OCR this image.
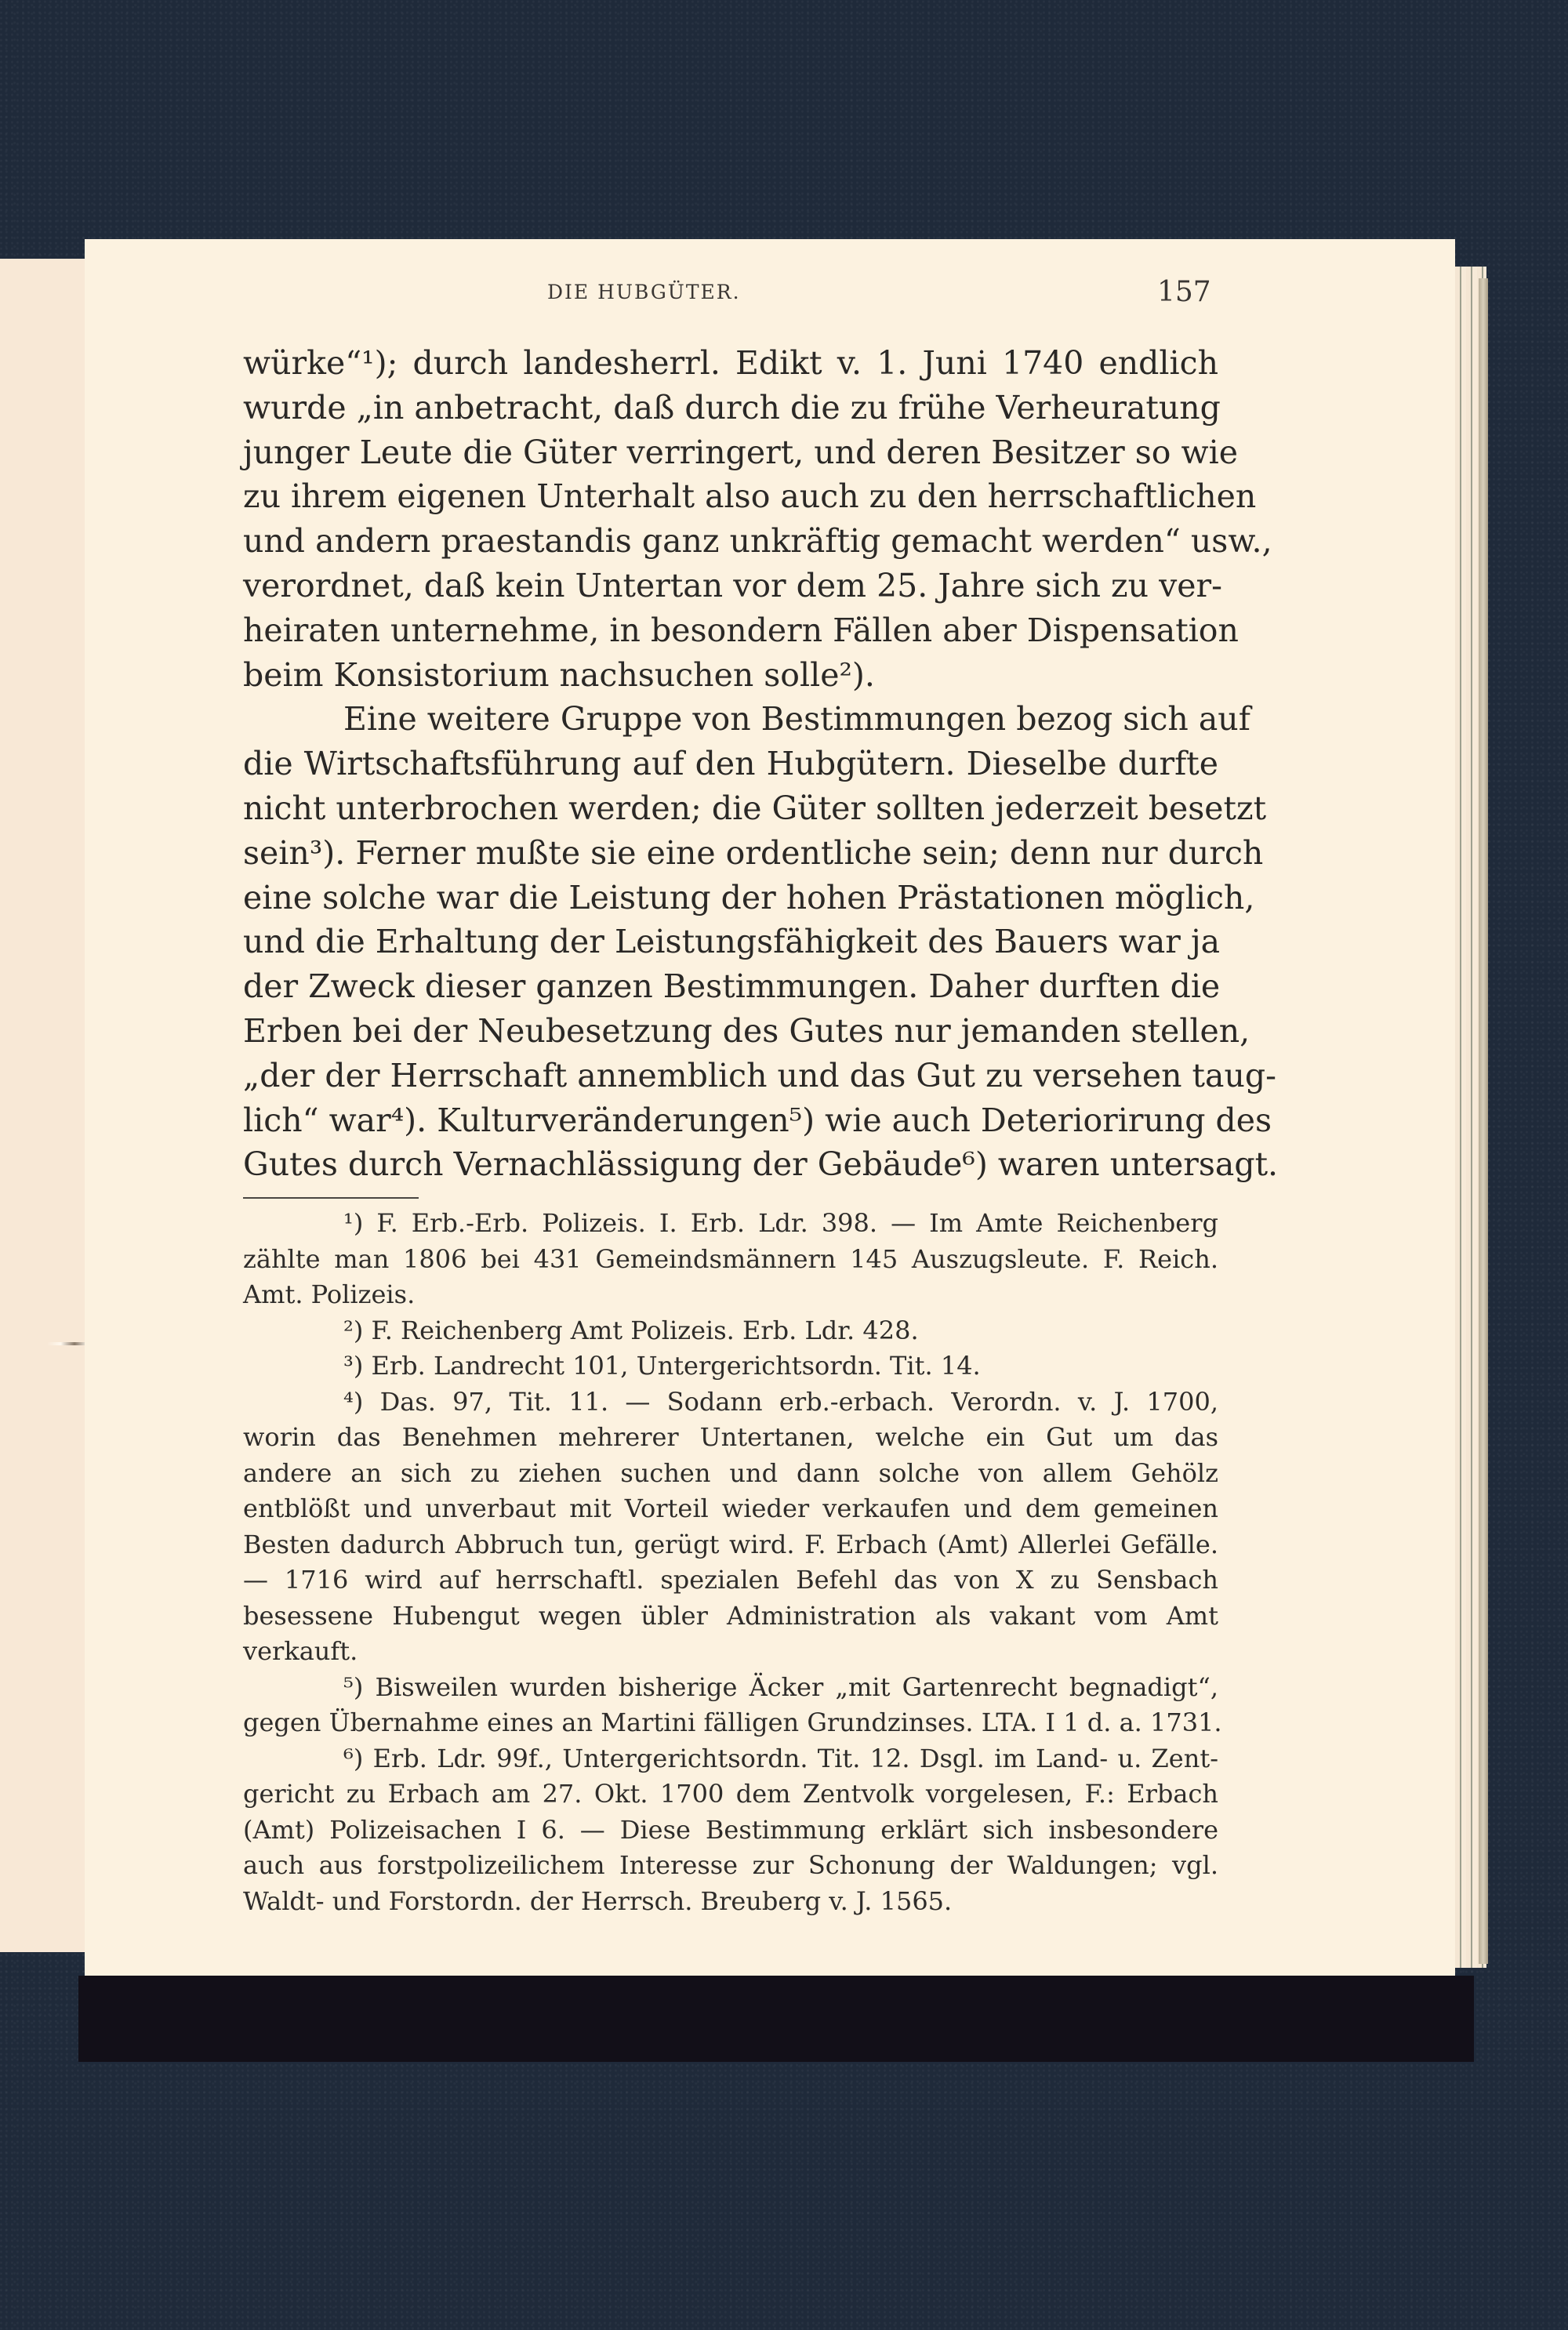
DIE HUBGÜTER.	157
würke“¹); durch landesherrl. Edikt v. 1. Juni 1740 endlich
wurde „in anbetracht, daß durch die zu frühe Verheuratung
junger Leute die Güter verringert, und deren Besitzer so wie
zu ihrem eigenen Unterhalt also auch zu den herrschaftlichen
und andern praestandis ganz unkräftig gemacht werden“ usw.,
verordnet, daß kein Untertan vor dem 25. Jahre sich zu ver-
heiraten unternehme, in besondern Fällen aber Dispensation
beim Konsistorium nachsuchen solle²).
Eine weitere Gruppe von Bestimmungen bezog sich auf
die Wirtschaftsführung auf den Hubgütern. Dieselbe durfte
nicht unterbrochen werden; die Güter sollten jederzeit besetzt
sein³). Ferner mußte sie eine ordentliche sein; denn nur durch
eine solche war die Leistung der hohen Prästationen möglich,
und die Erhaltung der Leistungsfähigkeit des Bauers war ja
der Zweck dieser ganzen Bestimmungen. Daher durften die
Erben bei der Neubesetzung des Gutes nur jemanden stellen,
„der der Herrschaft annemblich und das Gut zu versehen taug-
lich“ war⁴). Kulturveränderungen⁵) wie auch Deteriorirung des
Gutes durch Vernachlässigung der Gebäude⁶) waren untersagt.
¹) F. Erb.-Erb. Polizeis. I. Erb. Ldr. 398. — Im Amte Reichenberg
zählte man 1806 bei 431 Gemeindsmännern 145 Auszugsleute. F. Reich.
Amt. Polizeis.
²) F. Reichenberg Amt Polizeis. Erb. Ldr. 428.
³) Erb. Landrecht 101, Untergerichtsordn. Tit. 14.
⁴) Das. 97, Tit. 11. — Sodann erb.-erbach. Verordn. v. J. 1700,
worin das Benehmen mehrerer Untertanen, welche ein Gut um das
andere an sich zu ziehen suchen und dann solche von allem Gehölz
entblößt und unverbaut mit Vorteil wieder verkaufen und dem gemeinen
Besten dadurch Abbruch tun, gerügt wird. F. Erbach (Amt) Allerlei Gefälle.
— 1716 wird auf herrschaftl. spezialen Befehl das von X zu Sensbach
besessene Hubengut wegen übler Administration als vakant vom Amt
verkauft.
⁵) Bisweilen wurden bisherige Äcker „mit Gartenrecht begnadigt“,
gegen Übernahme eines an Martini fälligen Grundzinses. LTA. I 1 d. a. 1731.
⁶) Erb. Ldr. 99f., Untergerichtsordn. Tit. 12. Dsgl. im Land- u. Zent-
gericht zu Erbach am 27. Okt. 1700 dem Zentvolk vorgelesen, F.: Erbach
(Amt) Polizeisachen I 6. — Diese Bestimmung erklärt sich insbesondere
auch aus forstpolizeilichem Interesse zur Schonung der Waldungen; vgl.
Waldt- und Forstordn. der Herrsch. Breuberg v. J. 1565.
